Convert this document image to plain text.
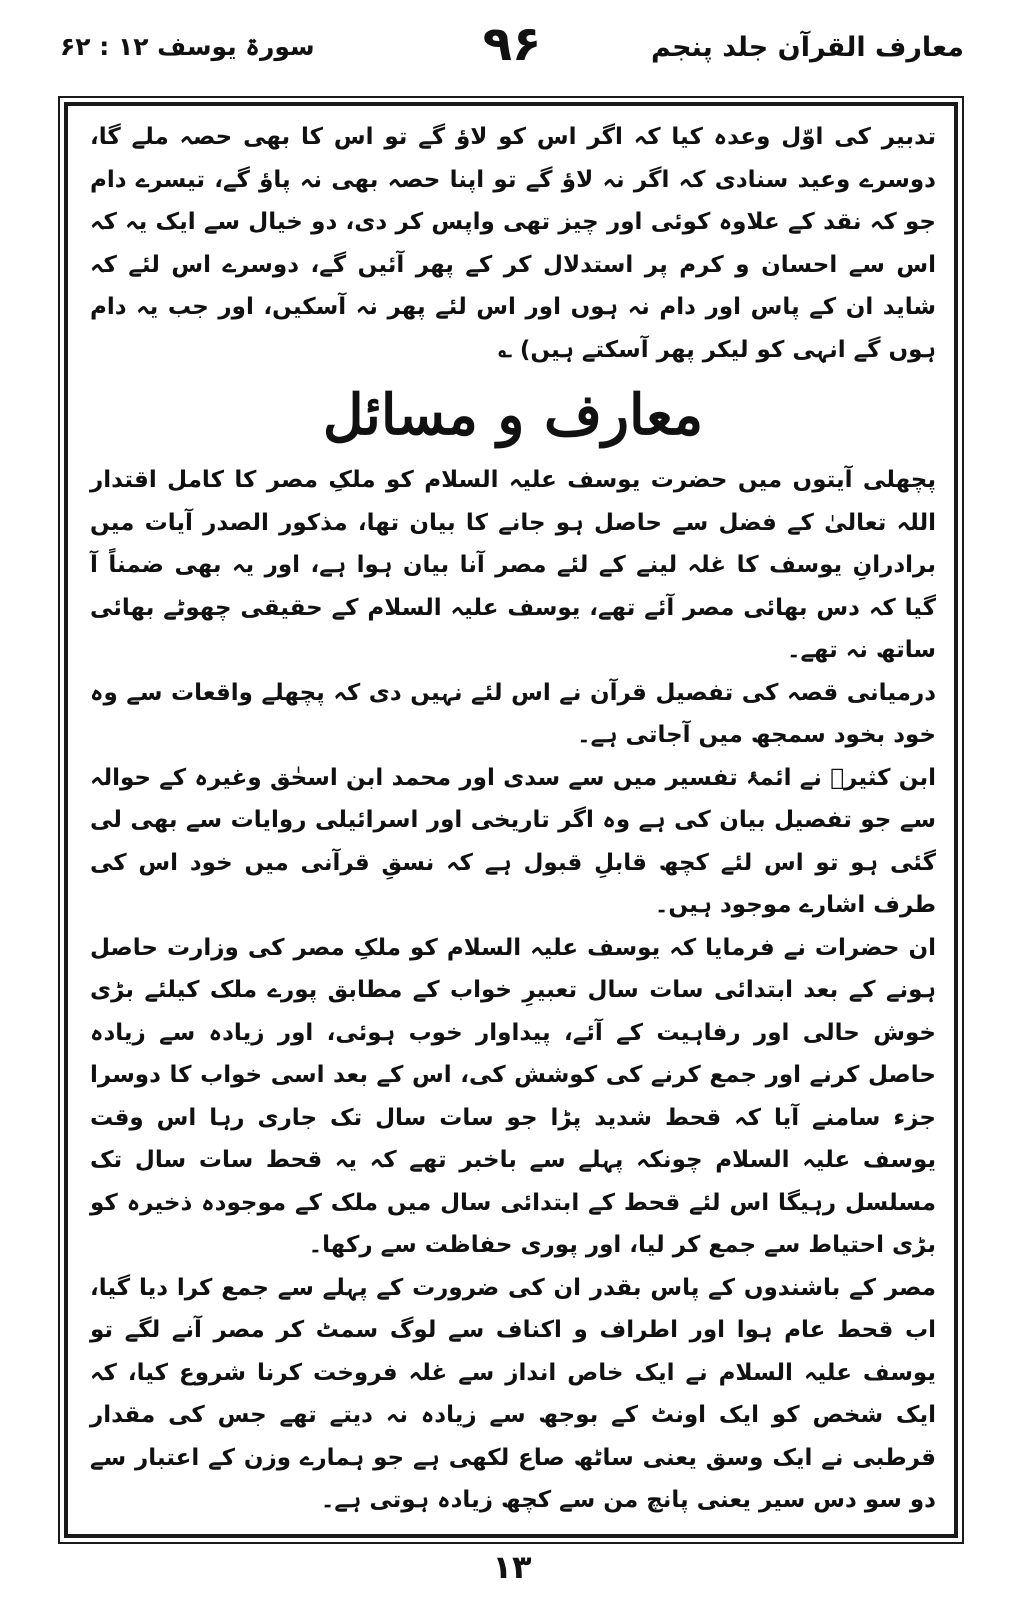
معارف القرآن جلد پنجم
۹۶
سورۃ یوسف ۱۲ : ۶۲

تدبیر کی اوّل وعدہ کیا کہ اگر اس کو لاؤ گے تو اس کا بھی حصہ ملے گا، دوسرے وعید سنادی کہ اگر نہ لاؤ گے تو اپنا حصہ بھی نہ پاؤ گے، تیسرے دام جو کہ نقد کے علاوہ کوئی اور چیز تھی واپس کر دی، دو خیال سے ایک یہ کہ اس سے احسان و کرم پر استدلال کر کے پھر آئیں گے، دوسرے اس لئے کہ شاید ان کے پاس اور دام نہ ہوں اور اس لئے پھر نہ آسکیں، اور جب یہ دام ہوں گے انہی کو لیکر پھر آسکتے ہیں) ؎

معارف و مسائل

پچھلی آیتوں میں حضرت یوسف علیہ السلام کو ملکِ مصر کا کامل اقتدار اللہ تعالیٰ کے فضل سے حاصل ہو جانے کا بیان تھا، مذکور الصدر آیات میں برادرانِ یوسف کا غلہ لینے کے لئے مصر آنا بیان ہوا ہے، اور یہ بھی ضمناً آ گیا کہ دس بھائی مصر آئے تھے، یوسف علیہ السلام کے حقیقی چھوٹے بھائی ساتھ نہ تھے۔

درمیانی قصہ کی تفصیل قرآن نے اس لئے نہیں دی کہ پچھلے واقعات سے وہ خود بخود سمجھ میں آجاتی ہے۔

ابن کثیرؒ نے ائمۂ تفسیر میں سے سدی اور محمد ابن اسحٰق وغیرہ کے حوالہ سے جو تفصیل بیان کی ہے وہ اگر تاریخی اور اسرائیلی روایات سے بھی لی گئی ہو تو اس لئے کچھ قابلِ قبول ہے کہ نسقِ قرآنی میں خود اس کی طرف اشارے موجود ہیں۔

ان حضرات نے فرمایا کہ یوسف علیہ السلام کو ملکِ مصر کی وزارت حاصل ہونے کے بعد ابتدائی سات سال تعبیرِ خواب کے مطابق پورے ملک کیلئے بڑی خوش حالی اور رفاہیت کے آئے، پیداوار خوب ہوئی، اور زیادہ سے زیادہ حاصل کرنے اور جمع کرنے کی کوشش کی، اس کے بعد اسی خواب کا دوسرا جزء سامنے آیا کہ قحط شدید پڑا جو سات سال تک جاری رہا اس وقت یوسف علیہ السلام چونکہ پہلے سے باخبر تھے کہ یہ قحط سات سال تک مسلسل رہیگا اس لئے قحط کے ابتدائی سال میں ملک کے موجودہ ذخیرہ کو بڑی احتیاط سے جمع کر لیا، اور پوری حفاظت سے رکھا۔

مصر کے باشندوں کے پاس بقدر ان کی ضرورت کے پہلے سے جمع کرا دیا گیا، اب قحط عام ہوا اور اطراف و اکناف سے لوگ سمٹ کر مصر آنے لگے تو یوسف علیہ السلام نے ایک خاص انداز سے غلہ فروخت کرنا شروع کیا، کہ ایک شخص کو ایک اونٹ کے بوجھ سے زیادہ نہ دیتے تھے جس کی مقدار قرطبی نے ایک وسق یعنی ساٹھ صاع لکھی ہے جو ہمارے وزن کے اعتبار سے دو سو دس سیر یعنی پانچ من سے کچھ زیادہ ہوتی ہے۔

۱۳
